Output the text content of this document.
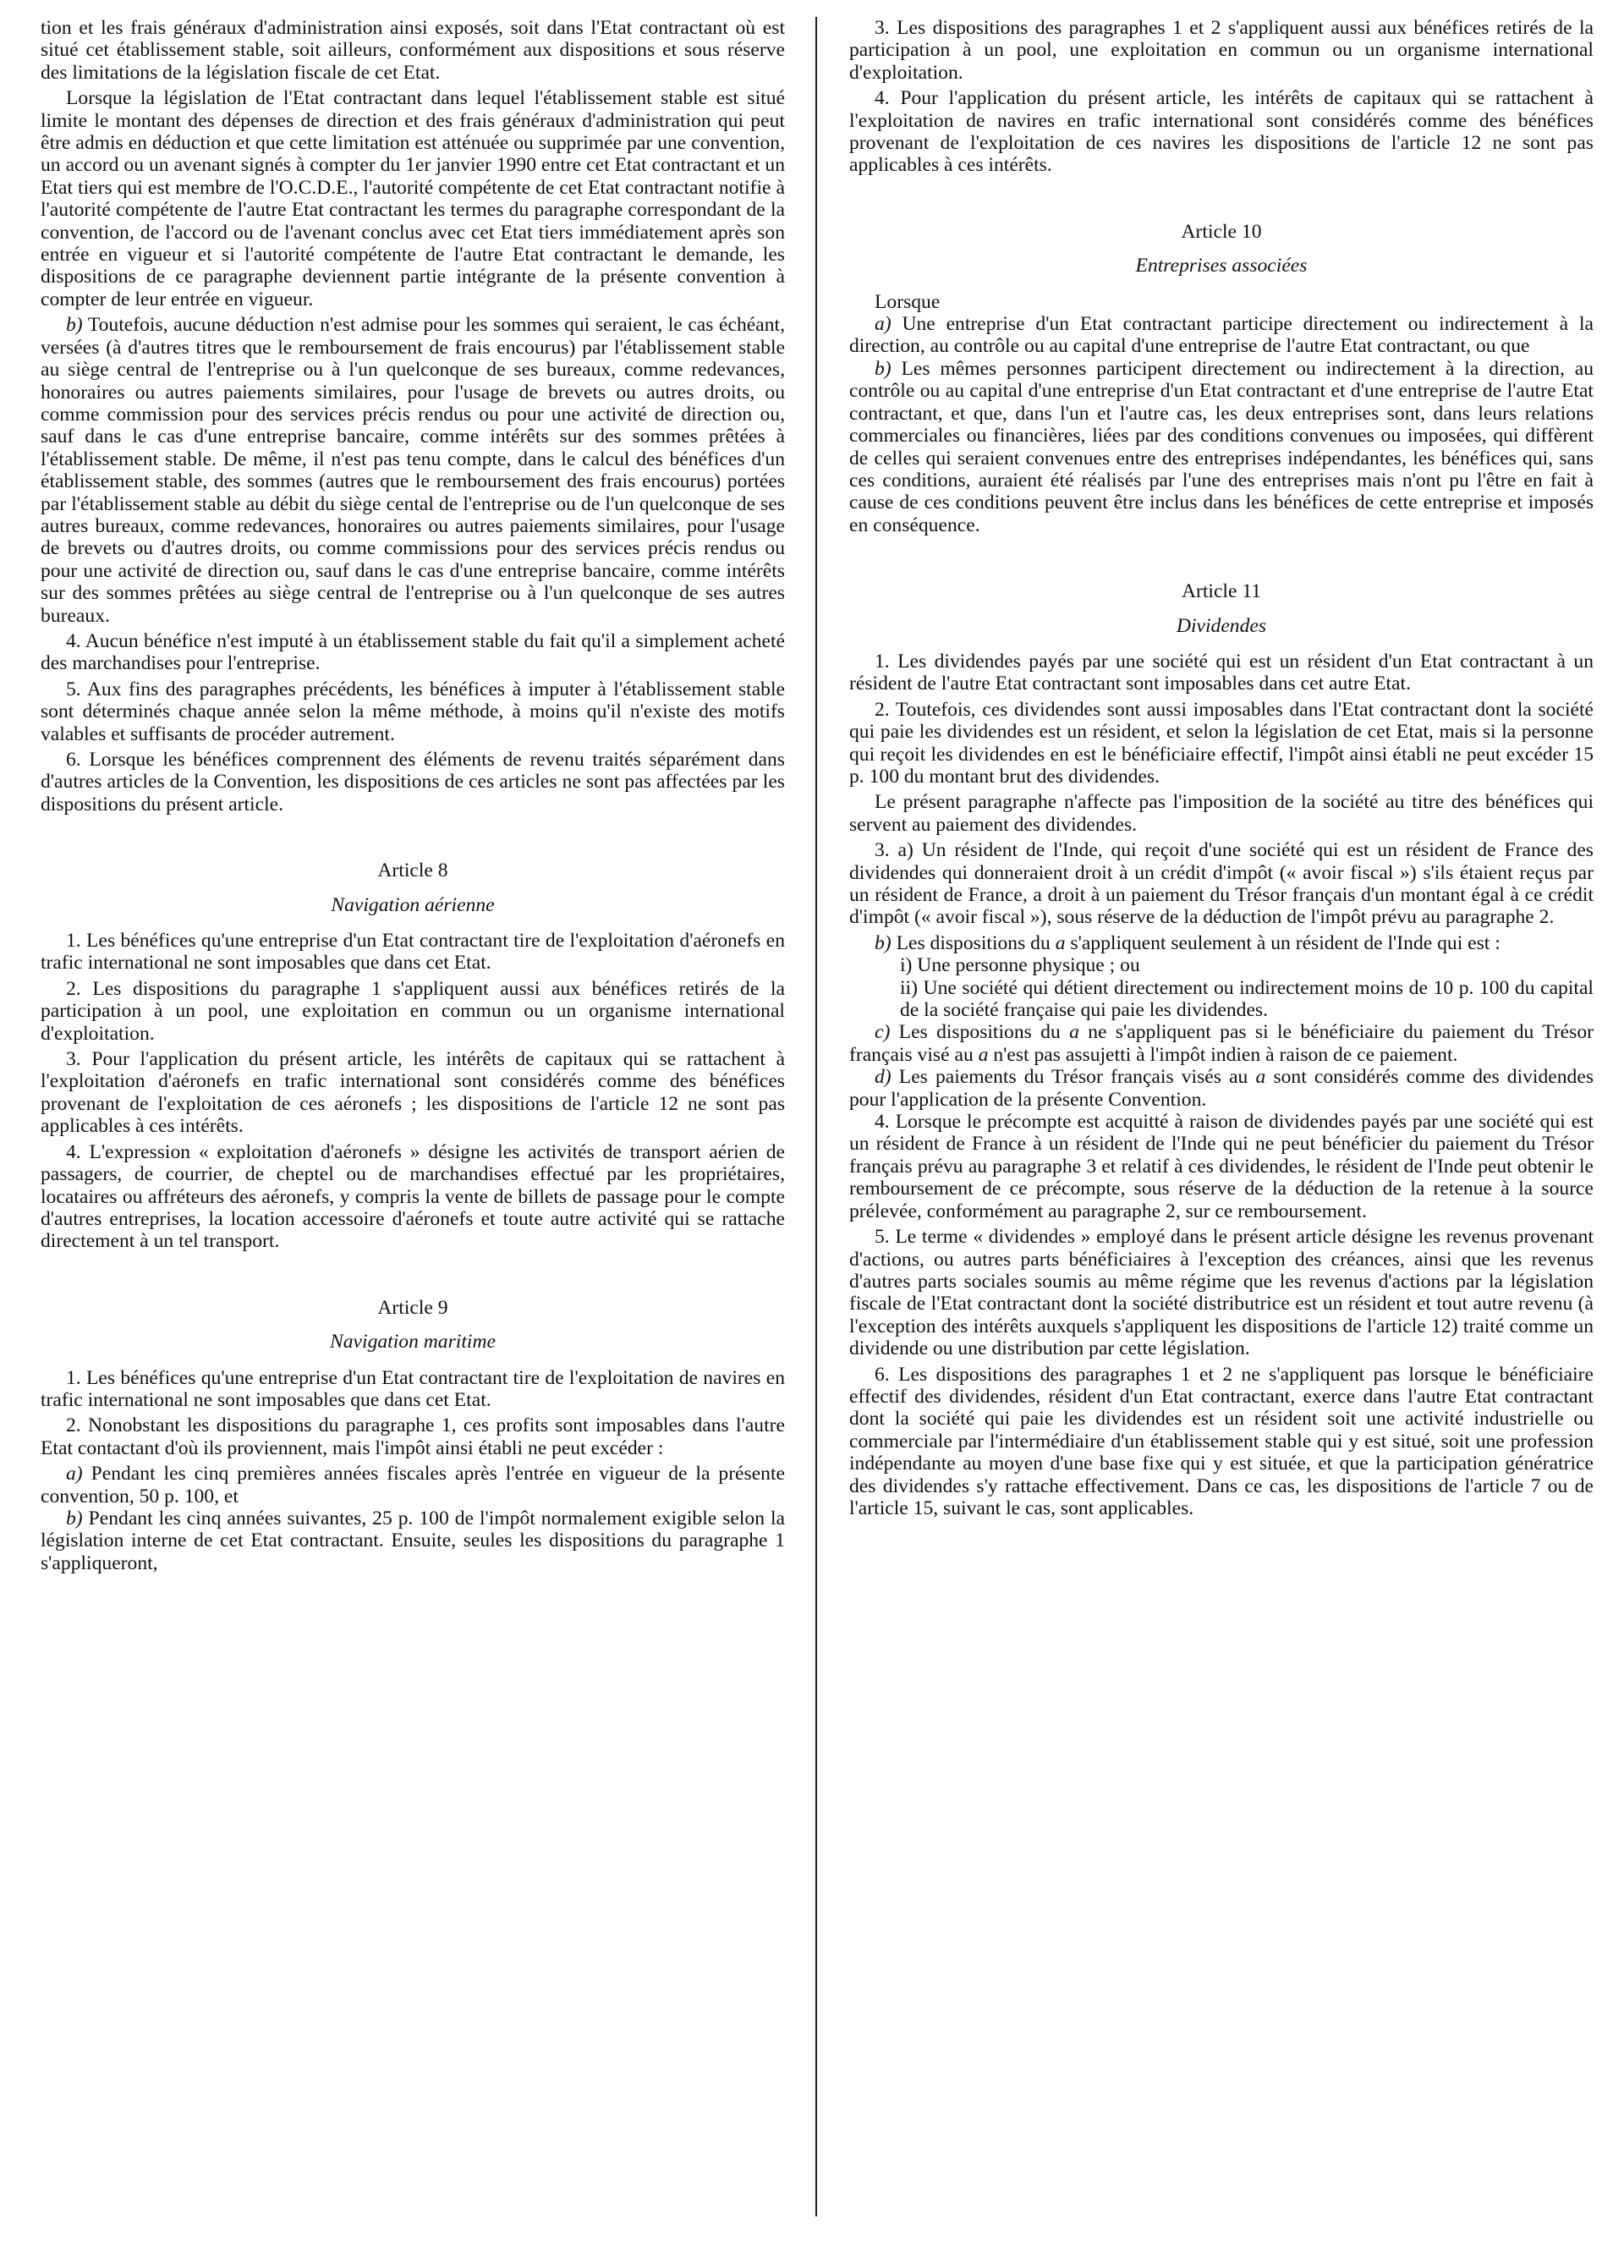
tion et les frais généraux d'administration ainsi exposés, soit dans l'Etat contractant où est situé cet établissement stable, soit ailleurs, conformément aux dispositions et sous réserve des limitations de la législation fiscale de cet Etat.

Lorsque la législation de l'Etat contractant dans lequel l'établissement stable est situé limite le montant des dépenses de direction et des frais généraux d'administration qui peut être admis en déduction et que cette limitation est atténuée ou supprimée par une convention, un accord ou un avenant signés à compter du 1er janvier 1990 entre cet Etat contractant et un Etat tiers qui est membre de l'O.C.D.E., l'autorité compétente de cet Etat contractant notifie à l'autorité compétente de l'autre Etat contractant les termes du paragraphe correspondant de la convention, de l'accord ou de l'avenant conclus avec cet Etat tiers immédiatement après son entrée en vigueur et si l'autorité compétente de l'autre Etat contractant le demande, les dispositions de ce paragraphe deviennent partie intégrante de la présente convention à compter de leur entrée en vigueur.

b) Toutefois, aucune déduction n'est admise pour les sommes qui seraient, le cas échéant, versées (à d'autres titres que le remboursement de frais encourus) par l'établissement stable au siège central de l'entreprise ou à l'un quelconque de ses bureaux, comme redevances, honoraires ou autres paiements similaires, pour l'usage de brevets ou autres droits, ou comme commission pour des services précis rendus ou pour une activité de direction ou, sauf dans le cas d'une entreprise bancaire, comme intérêts sur des sommes prêtées à l'établissement stable. De même, il n'est pas tenu compte, dans le calcul des bénéfices d'un établissement stable, des sommes (autres que le remboursement des frais encourus) portées par l'établissement stable au débit du siège cental de l'entreprise ou de l'un quelconque de ses autres bureaux, comme redevances, honoraires ou autres paiements similaires, pour l'usage de brevets ou d'autres droits, ou comme commissions pour des services précis rendus ou pour une activité de direction ou, sauf dans le cas d'une entreprise bancaire, comme intérêts sur des sommes prêtées au siège central de l'entreprise ou à l'un quelconque de ses autres bureaux.

4. Aucun bénéfice n'est imputé à un établissement stable du fait qu'il a simplement acheté des marchandises pour l'entreprise.

5. Aux fins des paragraphes précédents, les bénéfices à imputer à l'établissement stable sont déterminés chaque année selon la même méthode, à moins qu'il n'existe des motifs valables et suffisants de procéder autrement.

6. Lorsque les bénéfices comprennent des éléments de revenu traités séparément dans d'autres articles de la Convention, les dispositions de ces articles ne sont pas affectées par les dispositions du présent article.

Article 8

Navigation aérienne

1. Les bénéfices qu'une entreprise d'un Etat contractant tire de l'exploitation d'aéronefs en trafic international ne sont imposables que dans cet Etat.

2. Les dispositions du paragraphe 1 s'appliquent aussi aux bénéfices retirés de la participation à un pool, une exploitation en commun ou un organisme international d'exploitation.

3. Pour l'application du présent article, les intérêts de capitaux qui se rattachent à l'exploitation d'aéronefs en trafic international sont considérés comme des bénéfices provenant de l'exploitation de ces aéronefs ; les dispositions de l'article 12 ne sont pas applicables à ces intérêts.

4. L'expression « exploitation d'aéronefs » désigne les activités de transport aérien de passagers, de courrier, de cheptel ou de marchandises effectué par les propriétaires, locataires ou affréteurs des aéronefs, y compris la vente de billets de passage pour le compte d'autres entreprises, la location accessoire d'aéronefs et toute autre activité qui se rattache directement à un tel transport.

Article 9

Navigation maritime

1. Les bénéfices qu'une entreprise d'un Etat contractant tire de l'exploitation de navires en trafic international ne sont imposables que dans cet Etat.

2. Nonobstant les dispositions du paragraphe 1, ces profits sont imposables dans l'autre Etat contactant d'où ils proviennent, mais l'impôt ainsi établi ne peut excéder :

a) Pendant les cinq premières années fiscales après l'entrée en vigueur de la présente convention, 50 p. 100, et

b) Pendant les cinq années suivantes, 25 p. 100 de l'impôt normalement exigible selon la législation interne de cet Etat contractant. Ensuite, seules les dispositions du paragraphe 1 s'appliqueront,

3. Les dispositions des paragraphes 1 et 2 s'appliquent aussi aux bénéfices retirés de la participation à un pool, une exploitation en commun ou un organisme international d'exploitation.

4. Pour l'application du présent article, les intérêts de capitaux qui se rattachent à l'exploitation de navires en trafic international sont considérés comme des bénéfices provenant de l'exploitation de ces navires les dispositions de l'article 12 ne sont pas applicables à ces intérêts.

Article 10

Entreprises associées

Lorsque

a) Une entreprise d'un Etat contractant participe directement ou indirectement à la direction, au contrôle ou au capital d'une entreprise de l'autre Etat contractant, ou que

b) Les mêmes personnes participent directement ou indirectement à la direction, au contrôle ou au capital d'une entreprise d'un Etat contractant et d'une entreprise de l'autre Etat contractant, et que, dans l'un et l'autre cas, les deux entreprises sont, dans leurs relations commerciales ou financières, liées par des conditions convenues ou imposées, qui diffèrent de celles qui seraient convenues entre des entreprises indépendantes, les bénéfices qui, sans ces conditions, auraient été réalisés par l'une des entreprises mais n'ont pu l'être en fait à cause de ces conditions peuvent être inclus dans les bénéfices de cette entreprise et imposés en conséquence.

Article 11

Dividendes

1. Les dividendes payés par une société qui est un résident d'un Etat contractant à un résident de l'autre Etat contractant sont imposables dans cet autre Etat.

2. Toutefois, ces dividendes sont aussi imposables dans l'Etat contractant dont la société qui paie les dividendes est un résident, et selon la législation de cet Etat, mais si la personne qui reçoit les dividendes en est le bénéficiaire effectif, l'impôt ainsi établi ne peut excéder 15 p. 100 du montant brut des dividendes.

Le présent paragraphe n'affecte pas l'imposition de la société au titre des bénéfices qui servent au paiement des dividendes.

3. a) Un résident de l'Inde, qui reçoit d'une société qui est un résident de France des dividendes qui donneraient droit à un crédit d'impôt (« avoir fiscal ») s'ils étaient reçus par un résident de France, a droit à un paiement du Trésor français d'un montant égal à ce crédit d'impôt (« avoir fiscal »), sous réserve de la déduction de l'impôt prévu au paragraphe 2.

b) Les dispositions du a s'appliquent seulement à un résident de l'Inde qui est :

i) Une personne physique ; ou

ii) Une société qui détient directement ou indirectement moins de 10 p. 100 du capital de la société française qui paie les dividendes.

c) Les dispositions du a ne s'appliquent pas si le bénéficiaire du paiement du Trésor français visé au a n'est pas assujetti à l'impôt indien à raison de ce paiement.

d) Les paiements du Trésor français visés au a sont considérés comme des dividendes pour l'application de la présente Convention.

4. Lorsque le précompte est acquitté à raison de dividendes payés par une société qui est un résident de France à un résident de l'Inde qui ne peut bénéficier du paiement du Trésor français prévu au paragraphe 3 et relatif à ces dividendes, le résident de l'Inde peut obtenir le remboursement de ce précompte, sous réserve de la déduction de la retenue à la source prélevée, conformément au paragraphe 2, sur ce remboursement.

5. Le terme « dividendes » employé dans le présent article désigne les revenus provenant d'actions, ou autres parts bénéficiaires à l'exception des créances, ainsi que les revenus d'autres parts sociales soumis au même régime que les revenus d'actions par la législation fiscale de l'Etat contractant dont la société distributrice est un résident et tout autre revenu (à l'exception des intérêts auxquels s'appliquent les dispositions de l'article 12) traité comme un dividende ou une distribution par cette législation.

6. Les dispositions des paragraphes 1 et 2 ne s'appliquent pas lorsque le bénéficiaire effectif des dividendes, résident d'un Etat contractant, exerce dans l'autre Etat contractant dont la société qui paie les dividendes est un résident soit une activité industrielle ou commerciale par l'intermédiaire d'un établissement stable qui y est situé, soit une profession indépendante au moyen d'une base fixe qui y est située, et que la participation génératrice des dividendes s'y rattache effectivement. Dans ce cas, les dispositions de l'article 7 ou de l'article 15, suivant le cas, sont applicables.
